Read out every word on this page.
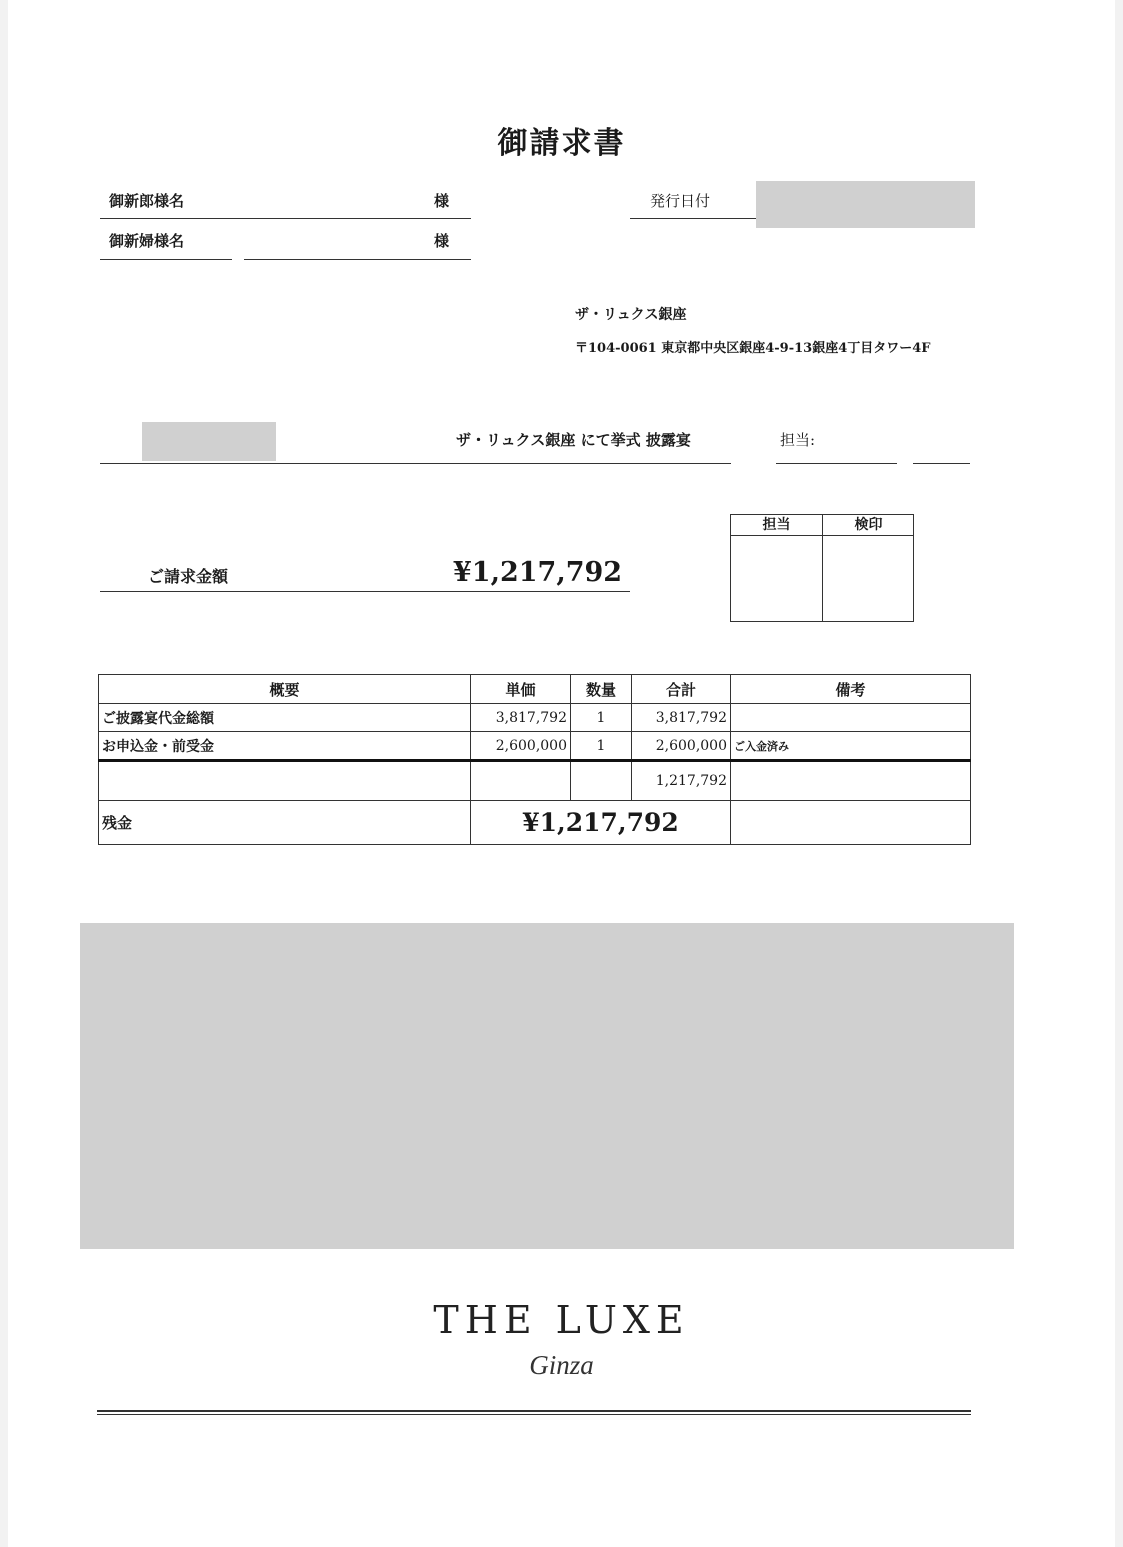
御請求書
御新郎様名	様
御新婦様名	様
発行日付
ザ・リュクス銀座
〒104-0061 東京都中央区銀座4-9-13銀座4丁目タワー4F
ザ・リュクス銀座 にて挙式 披露宴	担当:
担当	検印
ご請求金額	¥1,217,792
概要	単価	数量	合計	備考
ご披露宴代金総額	3,817,792	1	3,817,792	
お申込金・前受金	2,600,000	1	2,600,000	ご入金済み
			1,217,792	
残金	¥1,217,792			
THE LUXE
Ginza
